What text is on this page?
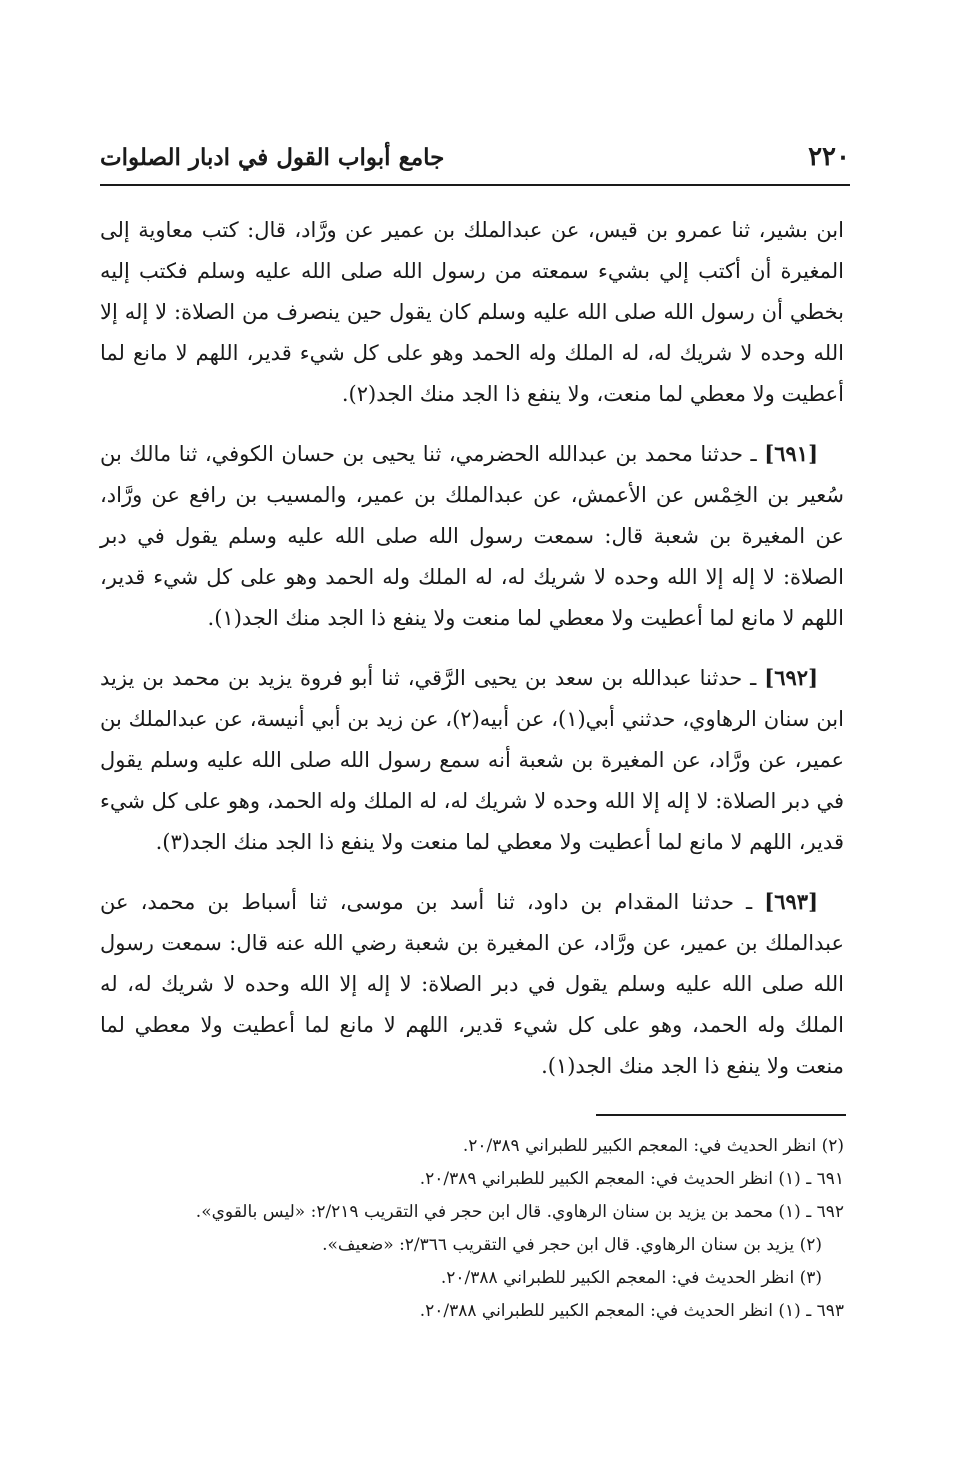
٢٢٠
جامع أبواب القول في ادبار الصلوات

ابن بشير، ثنا عمرو بن قيس، عن عبدالملك بن عمير عن ورَّاد، قال: كتب معاوية إلى المغيرة أن أكتب إلي بشيء سمعته من رسول الله صلى الله عليه وسلم فكتب إليه بخطي أن رسول الله صلى الله عليه وسلم كان يقول حين ينصرف من الصلاة: لا إله إلا الله وحده لا شريك له، له الملك وله الحمد وهو على كل شيء قدير، اللهم لا مانع لما أعطيت ولا معطي لما منعت، ولا ينفع ذا الجد منك الجد(٢).

[٦٩١] ـ حدثنا محمد بن عبدالله الحضرمي، ثنا يحيى بن حسان الكوفي، ثنا مالك بن سُعير بن الخِمْس عن الأعمش، عن عبدالملك بن عمير، والمسيب بن رافع عن ورَّاد، عن المغيرة بن شعبة قال: سمعت رسول الله صلى الله عليه وسلم يقول في دبر الصلاة: لا إله إلا الله وحده لا شريك له، له الملك وله الحمد وهو على كل شيء قدير، اللهم لا مانع لما أعطيت ولا معطي لما منعت ولا ينفع ذا الجد منك الجد(١).

[٦٩٢] ـ حدثنا عبدالله بن سعد بن يحيى الرَّقي، ثنا أبو فروة يزيد بن محمد بن يزيد ابن سنان الرهاوي، حدثني أبي(١)، عن أبيه(٢)، عن زيد بن أبي أنيسة، عن عبدالملك بن عمير، عن ورَّاد، عن المغيرة بن شعبة أنه سمع رسول الله صلى الله عليه وسلم يقول في دبر الصلاة: لا إله إلا الله وحده لا شريك له، له الملك وله الحمد، وهو على كل شيء قدير، اللهم لا مانع لما أعطيت ولا معطي لما منعت ولا ينفع ذا الجد منك الجد(٣).

[٦٩٣] ـ حدثنا المقدام بن داود، ثنا أسد بن موسى، ثنا أسباط بن محمد، عن عبدالملك بن عمير، عن ورَّاد، عن المغيرة بن شعبة رضي الله عنه قال: سمعت رسول الله صلى الله عليه وسلم يقول في دبر الصلاة: لا إله إلا الله وحده لا شريك له، له الملك وله الحمد، وهو على كل شيء قدير، اللهم لا مانع لما أعطيت ولا معطي لما منعت ولا ينفع ذا الجد منك الجد(١).

(٢) انظر الحديث في: المعجم الكبير للطبراني ٢٠/٣٨٩.

٦٩١ ـ (١) انظر الحديث في: المعجم الكبير للطبراني ٢٠/٣٨٩.

٦٩٢ ـ (١) محمد بن يزيد بن سنان الرهاوي. قال ابن حجر في التقريب ٢/٢١٩: «ليس بالقوي».

(٢) يزيد بن سنان الرهاوي. قال ابن حجر في التقريب ٢/٣٦٦: «ضعيف».

(٣) انظر الحديث في: المعجم الكبير للطبراني ٢٠/٣٨٨.

٦٩٣ ـ (١) انظر الحديث في: المعجم الكبير للطبراني ٢٠/٣٨٨.
